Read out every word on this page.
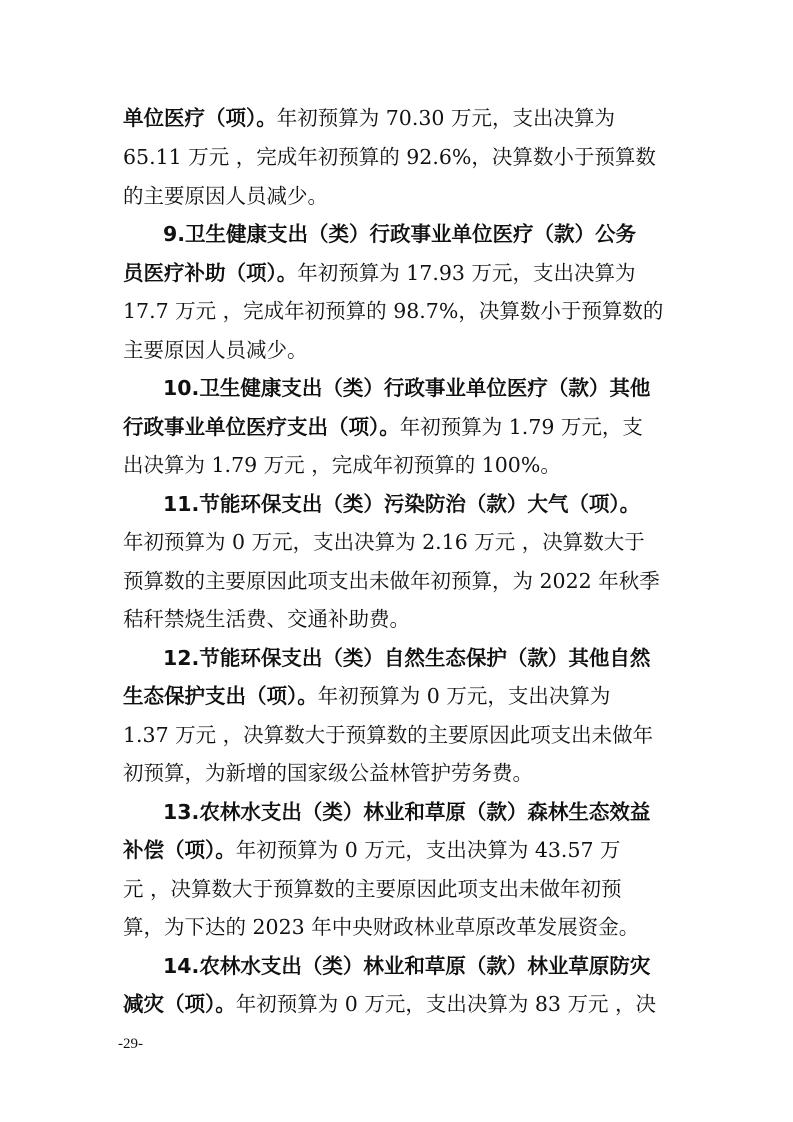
单位医疗（项）。年初预算为 70.30 万元，支出决算为
65.11 万元 ，完成年初预算的 92.6%，决算数小于预算数
的主要原因人员减少。
9.卫生健康支出（类）行政事业单位医疗（款）公务
员医疗补助（项）。年初预算为 17.93 万元，支出决算为
17.7 万元 ，完成年初预算的 98.7%，决算数小于预算数的
主要原因人员减少。
10.卫生健康支出（类）行政事业单位医疗（款）其他
行政事业单位医疗支出（项）。年初预算为 1.79 万元，支
出决算为 1.79 万元 ，完成年初预算的 100%。
11.节能环保支出（类）污染防治（款）大气（项）。
年初预算为 0 万元，支出决算为 2.16 万元 ，决算数大于
预算数的主要原因此项支出未做年初预算，为 2022 年秋季
秸秆禁烧生活费、交通补助费。
12.节能环保支出（类）自然生态保护（款）其他自然
生态保护支出（项）。年初预算为 0 万元，支出决算为
1.37 万元 ，决算数大于预算数的主要原因此项支出未做年
初预算，为新增的国家级公益林管护劳务费。
13.农林水支出（类）林业和草原（款）森林生态效益
补偿（项）。年初预算为 0 万元，支出决算为 43.57 万
元 ，决算数大于预算数的主要原因此项支出未做年初预
算，为下达的 2023 年中央财政林业草原改革发展资金。
14.农林水支出（类）林业和草原（款）林业草原防灾
减灾（项）。年初预算为 0 万元，支出决算为 83 万元 ，决
-29-
